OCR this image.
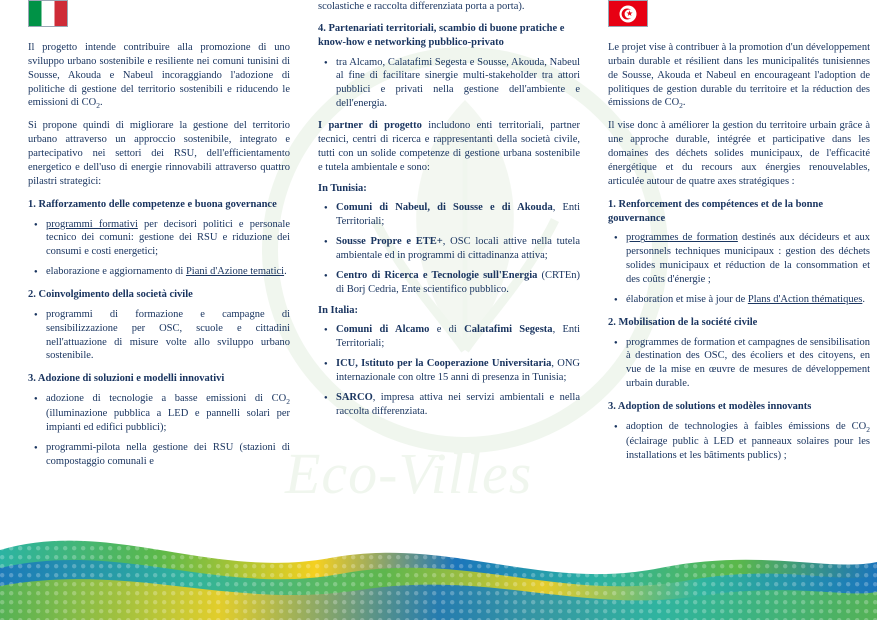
Eco-Villes

Il progetto intende contribuire alla promozione di uno sviluppo urbano sostenibile e resiliente nei comuni tunisini di Sousse, Akouda e Nabeul incoraggiando l'adozione di politiche di gestione del territorio sostenibili e riducendo le emissioni di $CO_2$.

Si propone quindi di migliorare la gestione del territorio urbano attraverso un approccio sostenibile, integrato e partecipativo nei settori dei RSU, dell'efficientamento energetico e dell'uso di energie rinnovabili attraverso quattro pilastri strategici:

1. Rafforzamento delle competenze e buona governance
● programmi formativi per decisori politici e personale tecnico dei comuni: gestione dei RSU e riduzione dei consumi e costi energetici;
● elaborazione e aggiornamento di Piani d'Azione tematici.
2. Coinvolgimento della società civile
● programmi di formazione e campagne di sensibilizzazione per OSC, scuole e cittadini nell'attuazione di misure volte allo sviluppo urbano sostenibile.
3. Adozione di soluzioni e modelli innovativi
● adozione di tecnologie a basse emissioni di $CO_2$ (illuminazione pubblica a LED e pannelli solari per impianti ed edifici pubblici);
● programmi-pilota nella gestione dei RSU (stazioni di compostaggio comunali e

scolastiche e raccolta differenziata porta a porta).

4. Partenariati territoriali, scambio di buone pratiche e know-how e networking pubblico-privato
● tra Alcamo, Calatafimi Segesta e Sousse, Akouda, Nabeul al fine di facilitare sinergie multi-stakeholder tra attori pubblici e privati nella gestione dell'ambiente e dell'energia.

I partner di progetto includono enti territoriali, partner tecnici, centri di ricerca e rappresentanti della società civile, tutti con un solide competenze di gestione urbana sostenibile e tutela ambientale e sono:

In Tunisia:
● Comuni di Nabeul, di Sousse e di Akouda, Enti Territoriali;
● Sousse Propre e ETE+, OSC locali attive nella tutela ambientale ed in programmi di cittadinanza attiva;
● Centro di Ricerca e Tecnologie sull'Energia (CRTEn) di Borj Cedria, Ente scientifico pubblico.
In Italia:
● Comuni di Alcamo e di Calatafimi Segesta, Enti Territoriali;
● ICU, Istituto per la Cooperazione Universitaria, ONG internazionale con oltre 15 anni di presenza in Tunisia;
● SARCO, impresa attiva nei servizi ambientali e nella raccolta differenziata.
★

Le projet vise à contribuer à la promotion d'un développement urbain durable et résilient dans les municipalités tunisiennes de Sousse, Akouda et Nabeul en encourageant l'adoption de politiques de gestion durable du territoire et la réduction des émissions de $CO_2$.

Il vise donc à améliorer la gestion du territoire urbain grâce à une approche durable, intégrée et participative dans les domaines des déchets solides municipaux, de l'efficacité énergétique et du recours aux énergies renouvelables, articulée autour de quatre axes stratégiques :

1. Renforcement des compétences et de la bonne gouvernance
● programmes de formation destinés aux décideurs et aux personnels techniques municipaux : gestion des déchets solides municipaux et réduction de la consommation et des coûts d'énergie ;
● élaboration et mise à jour de Plans d'Action thématiques.
2. Mobilisation de la société civile
● programmes de formation et campagnes de sensibilisation à destination des OSC, des écoliers et des citoyens, en vue de la mise en œuvre de mesures de développement urbain durable.
3. Adoption de solutions et modèles innovants
● adoption de technologies à faibles émissions de $CO_2$ (éclairage public à LED et panneaux solaires pour les installations et les bâtiments publics) ;
